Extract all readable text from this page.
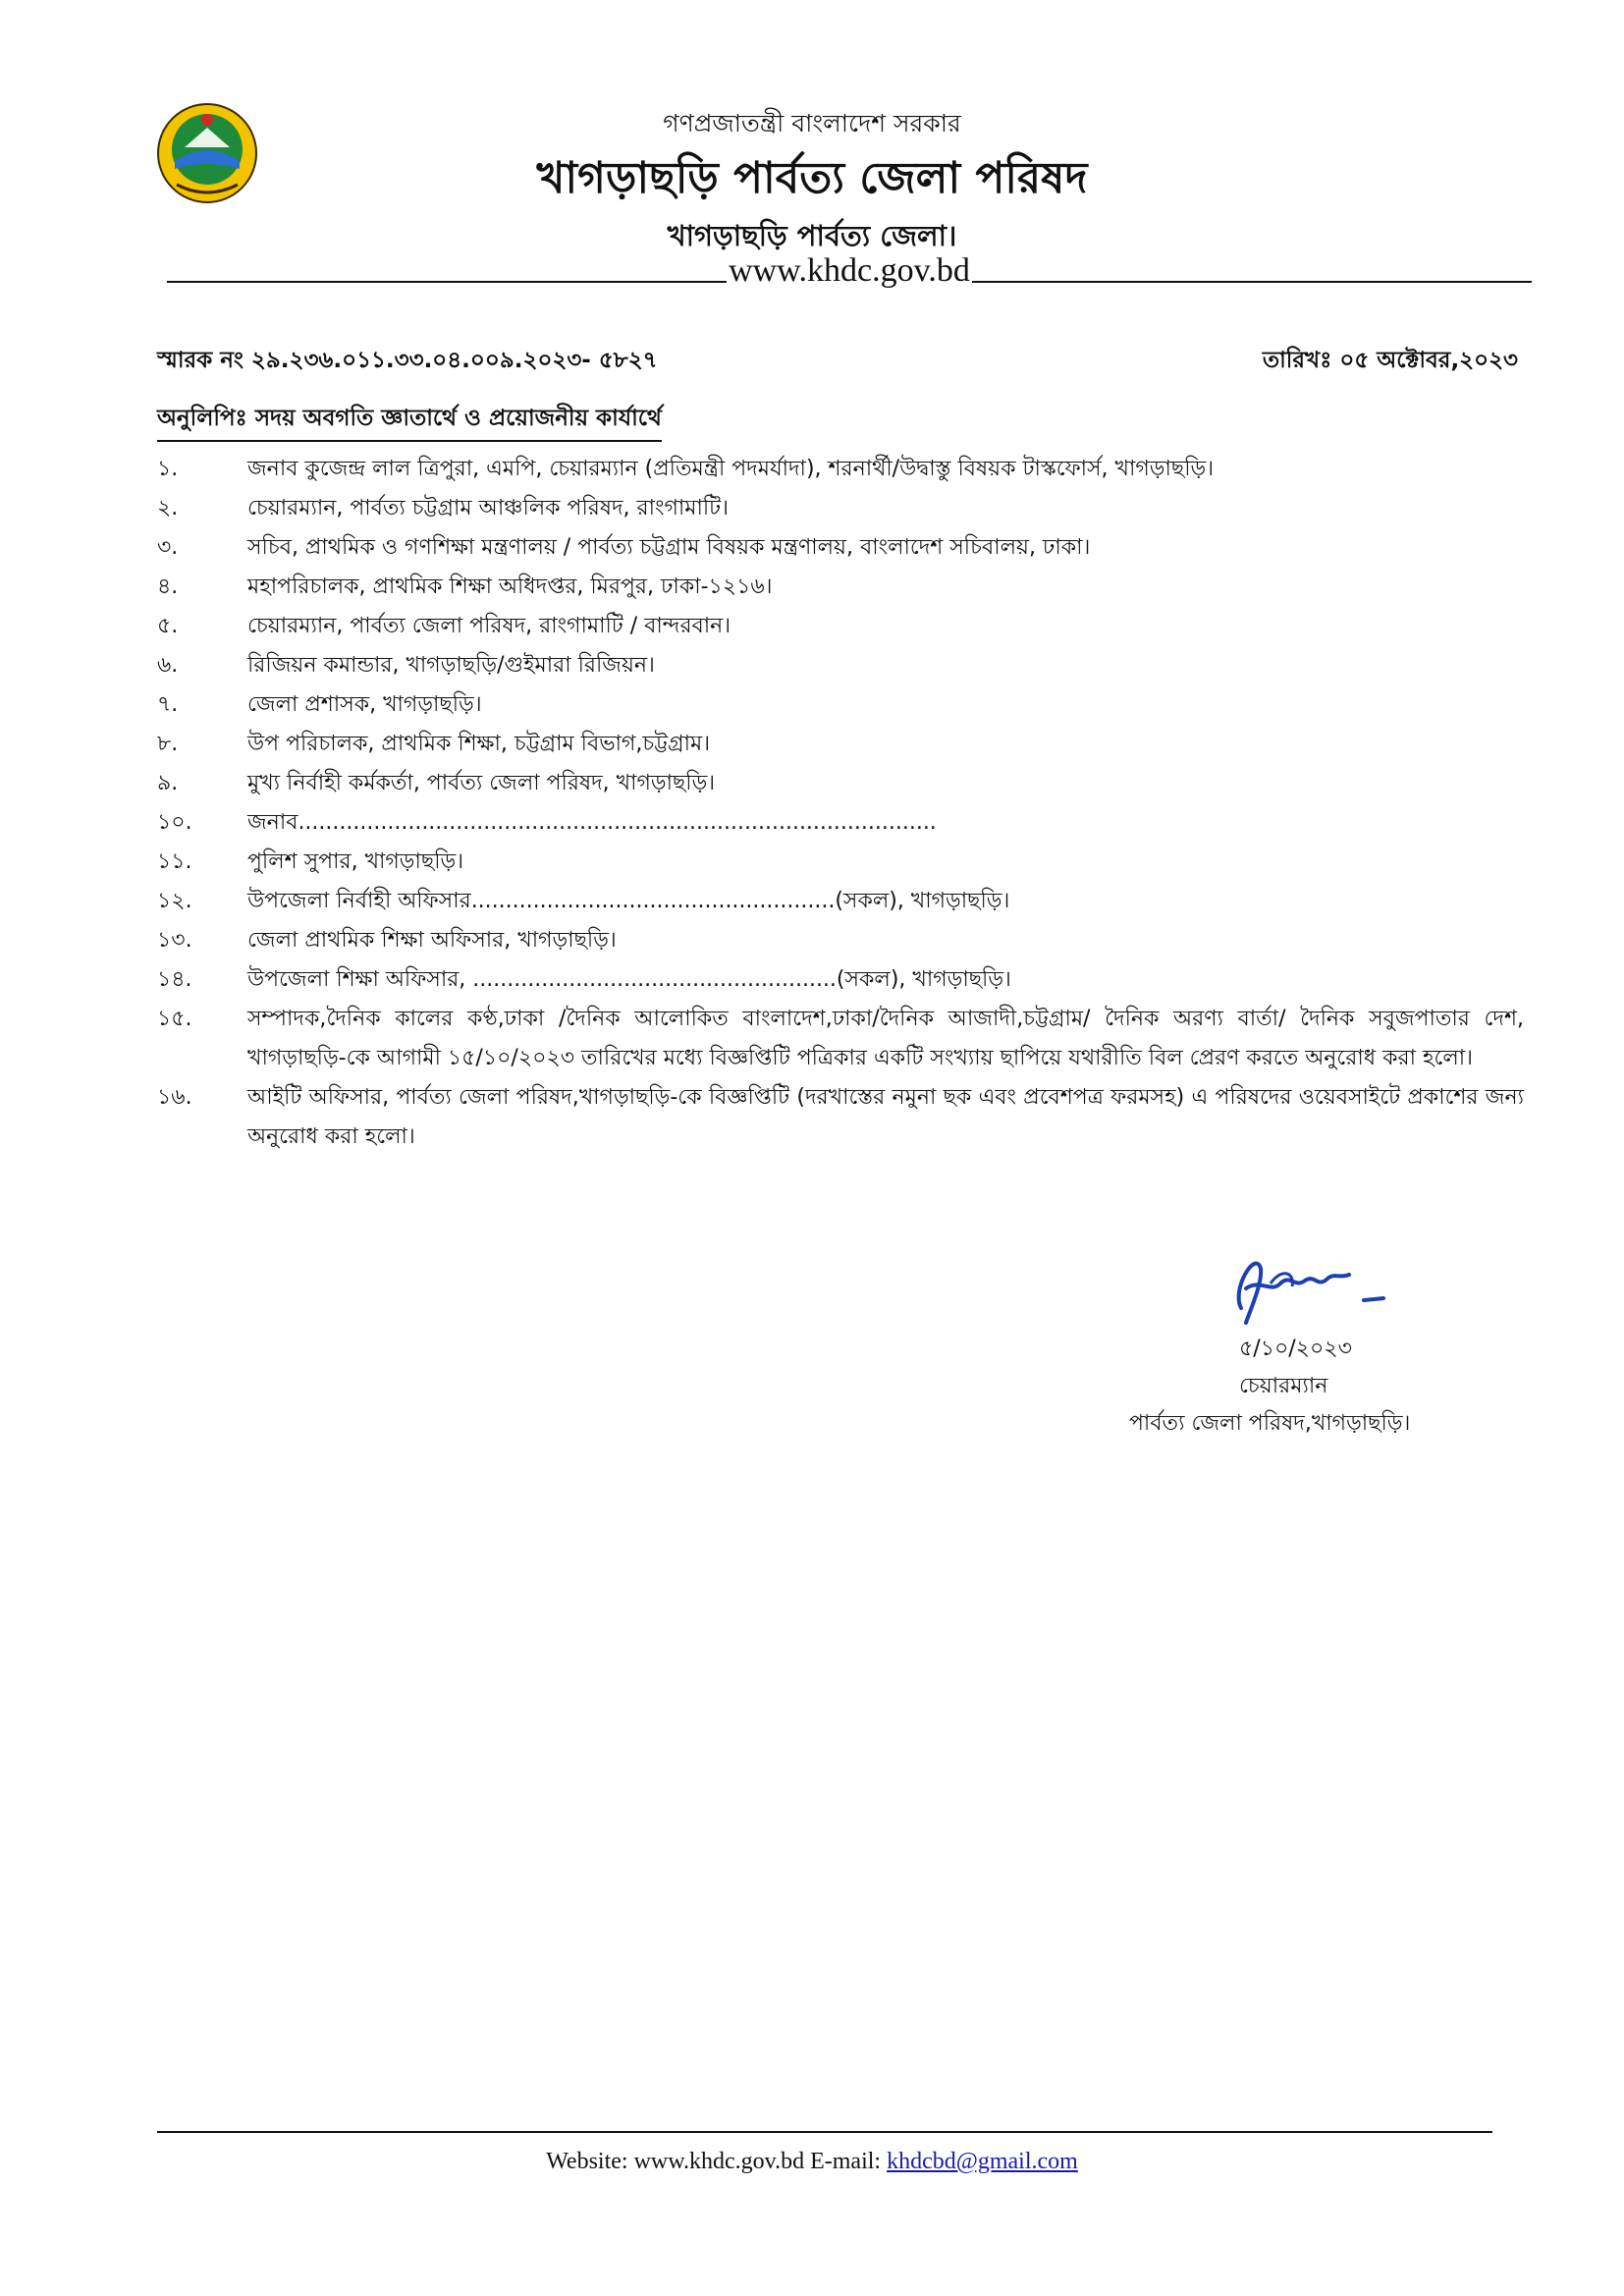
গণপ্রজাতন্ত্রী বাংলাদেশ সরকার
খাগড়াছড়ি পার্বত্য জেলা পরিষদ
খাগড়াছড়ি পার্বত্য জেলা।
www.khdc.gov.bd
স্মারক নং ২৯.২৩৬.০১১.৩৩.০৪.০০৯.২০২৩- ৫৮২৭	তারিখঃ ০৫ অক্টোবর,২০২৩
অনুলিপিঃ সদয় অবগতি জ্ঞাতার্থে ও প্রয়োজনীয় কার্যার্থে
১.	জনাব কুজেন্দ্র লাল ত্রিপুরা, এমপি, চেয়ারম্যান (প্রতিমন্ত্রী পদমর্যাদা), শরনার্থী/উদ্বাস্তু বিষয়ক টাস্কফোর্স, খাগড়াছড়ি।
২.	চেয়ারম্যান, পার্বত্য চট্টগ্রাম আঞ্চলিক পরিষদ, রাংগামাটি।
৩.	সচিব, প্রাথমিক ও গণশিক্ষা মন্ত্রণালয় / পার্বত্য চট্টগ্রাম বিষয়ক মন্ত্রণালয়, বাংলাদেশ সচিবালয়, ঢাকা।
৪.	মহাপরিচালক, প্রাথমিক শিক্ষা অধিদপ্তর, মিরপুর, ঢাকা-১২১৬।
৫.	চেয়ারম্যান, পার্বত্য জেলা পরিষদ, রাংগামাটি / বান্দরবান।
৬.	রিজিয়ন কমান্ডার, খাগড়াছড়ি/গুইমারা রিজিয়ন।
৭.	জেলা প্রশাসক, খাগড়াছড়ি।
৮.	উপ পরিচালক, প্রাথমিক শিক্ষা, চট্টগ্রাম বিভাগ,চট্টগ্রাম।
৯.	মুখ্য নির্বাহী কর্মকর্তা, পার্বত্য জেলা পরিষদ, খাগড়াছড়ি।
১০.	জনাব.............................................................................................
১১.	পুলিশ সুপার, খাগড়াছড়ি।
১২.	উপজেলা নির্বাহী অফিসার.....................................................(সকল), খাগড়াছড়ি।
১৩.	জেলা প্রাথমিক শিক্ষা অফিসার, খাগড়াছড়ি।
১৪.	উপজেলা শিক্ষা অফিসার, .....................................................(সকল), খাগড়াছড়ি।
১৫.	সম্পাদক,দৈনিক কালের কণ্ঠ,ঢাকা /দৈনিক আলোকিত বাংলাদেশ,ঢাকা/দৈনিক আজাদী,চট্টগ্রাম/ দৈনিক অরণ্য বার্তা/ দৈনিক সবুজপাতার দেশ, খাগড়াছড়ি-কে আগামী ১৫/১০/২০২৩ তারিখের মধ্যে বিজ্ঞপ্তিটি পত্রিকার একটি সংখ্যায় ছাপিয়ে যথারীতি বিল প্রেরণ করতে অনুরোধ করা হলো।
১৬.	আইটি অফিসার, পার্বত্য জেলা পরিষদ,খাগড়াছড়ি-কে বিজ্ঞপ্তিটি (দরখাস্তের নমুনা ছক এবং প্রবেশপত্র ফরমসহ) এ পরিষদের ওয়েবসাইটে প্রকাশের জন্য অনুরোধ করা হলো।
৫/১০/২০২৩
চেয়ারম্যান
পার্বত্য জেলা পরিষদ,খাগড়াছড়ি।
Website: www.khdc.gov.bd E-mail: khdcbd@gmail.com
